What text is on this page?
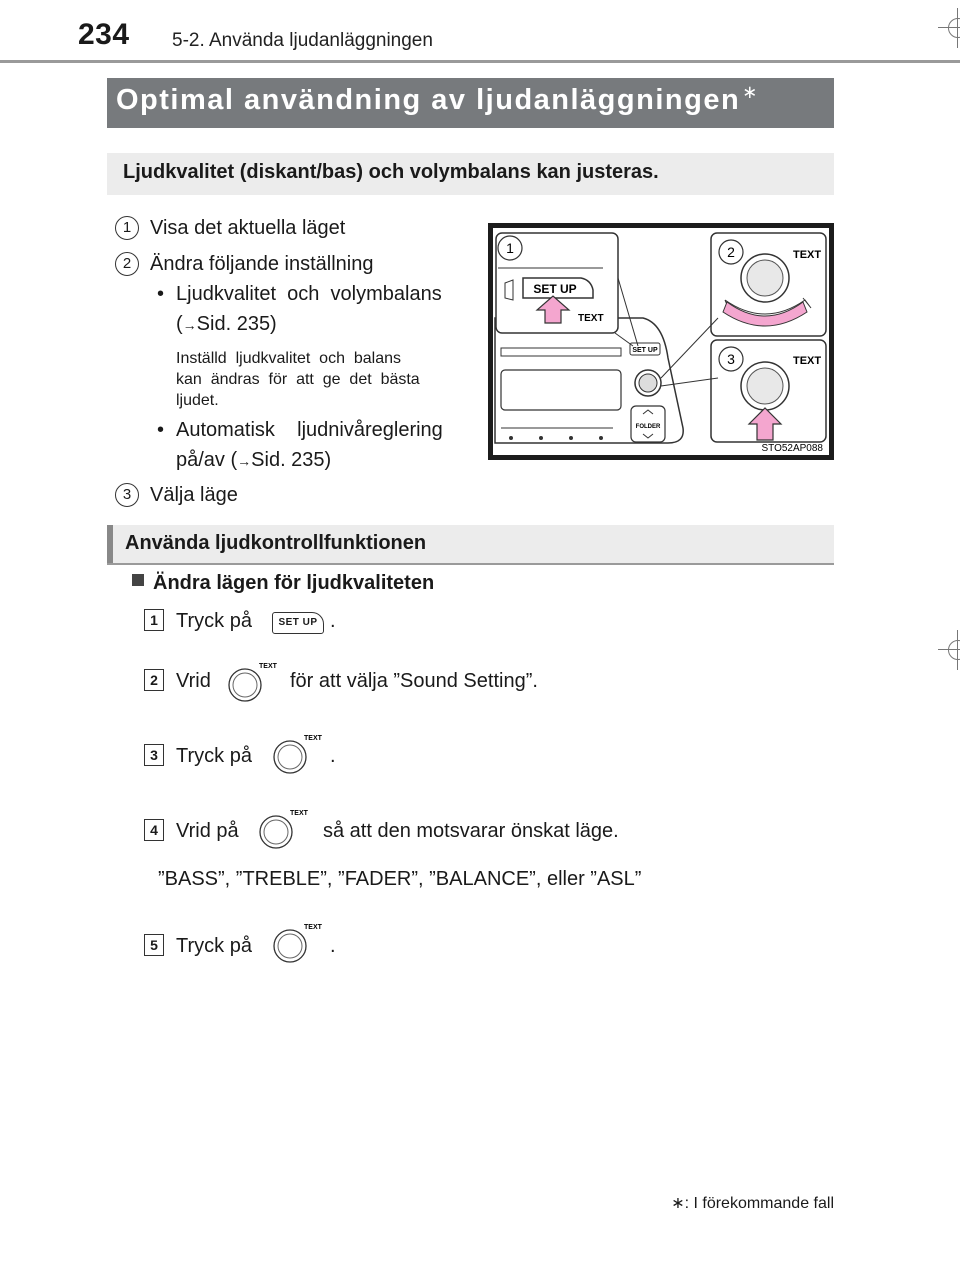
234 5-2. Använda ljudanläggningen
Optimal användning av ljudanläggningen ∗
Ljudkvalitet (diskant/bas) och volymbalans kan justeras.
1 Visa det aktuella läget
2 Ändra följande inställning
• Ljudkvalitet  och  volymbalans
(→Sid. 235)
Inställd  ljudkvalitet  och  balans
kan  ändras  för  att  ge  det  bästa
ljudet.
• Automatisk    ljudnivåreglering
på/av (→Sid. 235)
3 Välja läge
SET UP
FOLDER
1
SET UP
TEXT
2	TEXT
3	TEXT
STO52AP088
Använda ljudkontrollfunktionen
Ändra lägen för ljudkvaliteten
1 Tryck på	SET UP .
2 Vrid
TEXT
för att välja ”Sound Setting”.
3 Tryck på
TEXT
.
4 Vrid på
TEXT
så att den motsvarar önskat läge.
”BASS”, ”TREBLE”, ”FADER”, ”BALANCE”, eller ”ASL”
5 Tryck på
TEXT
.
∗: I förekommande fall
